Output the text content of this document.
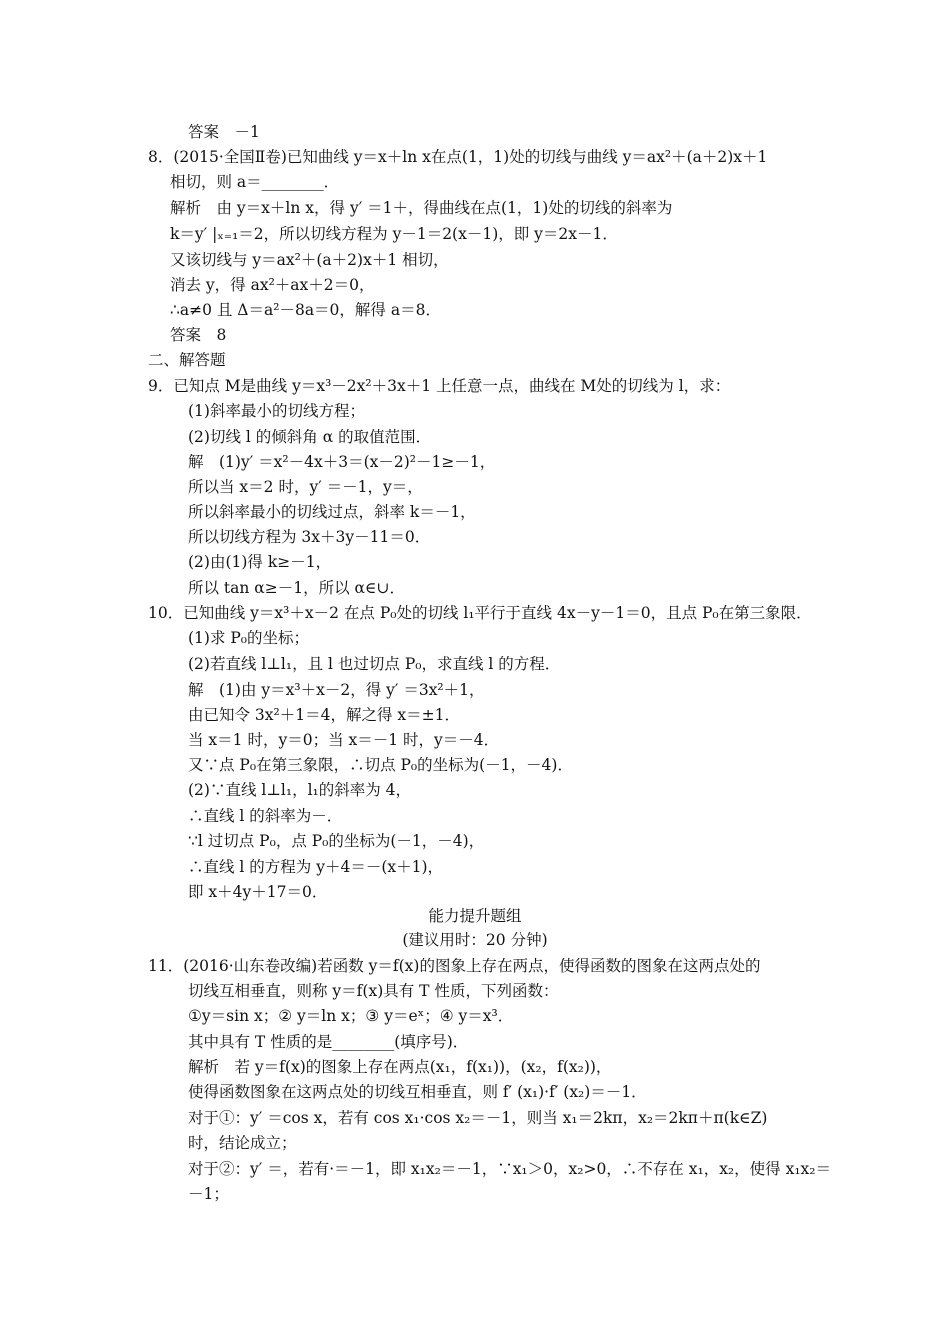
答案　－1
8．(2015·全国Ⅱ卷)已知曲线 y＝x＋ln x在点(1，1)处的切线与曲线 y＝ax²＋(a＋2)x＋1
相切，则 a＝________．
解析　由 y＝x＋ln x，得 y′ ＝1＋，得曲线在点(1，1)处的切线的斜率为
k＝y′ |ₓ₌₁＝2，所以切线方程为 y－1＝2(x－1)，即 y＝2x－1．
又该切线与 y＝ax²＋(a＋2)x＋1 相切，
消去 y，得 ax²＋ax＋2＝0，
∴a≠0 且 Δ＝a²－8a＝0，解得 a＝8．
答案　8
二、解答题
9．已知点 M是曲线 y＝x³－2x²＋3x＋1 上任意一点，曲线在 M处的切线为 l，求：
(1)斜率最小的切线方程；
(2)切线 l 的倾斜角 α 的取值范围．
解　(1)y′ ＝x²－4x＋3＝(x－2)²－1≥－1，
所以当 x＝2 时，y′ ＝－1，y＝，
所以斜率最小的切线过点，斜率 k＝－1，
所以切线方程为 3x＋3y－11＝0．
(2)由(1)得 k≥－1，
所以 tan α≥－1，所以 α∈∪．
10．已知曲线 y＝x³＋x－2 在点 P₀处的切线 l₁平行于直线 4x－y－1＝0，且点 P₀在第三象限．
(1)求 P₀的坐标；
(2)若直线 l⊥l₁，且 l 也过切点 P₀，求直线 l 的方程．
解　(1)由 y＝x³＋x－2，得 y′ ＝3x²＋1，
由已知令 3x²＋1＝4，解之得 x＝±1．
当 x＝1 时，y＝0；当 x＝－1 时，y＝－4．
又∵点 P₀在第三象限，∴切点 P₀的坐标为(－1，－4)．
(2)∵直线 l⊥l₁，l₁的斜率为 4，
∴直线 l 的斜率为－．
∵l 过切点 P₀，点 P₀的坐标为(－1，－4)，
∴直线 l 的方程为 y＋4＝－(x＋1)，
即 x＋4y＋17＝0．
能力提升题组
(建议用时：20 分钟)
11．(2016·山东卷改编)若函数 y＝f(x)的图象上存在两点，使得函数的图象在这两点处的
切线互相垂直，则称 y＝f(x)具有 T 性质，下列函数：
①y＝sin x；② y＝ln x；③ y＝eˣ；④ y＝x³．
其中具有 T 性质的是________(填序号)．
解析　若 y＝f(x)的图象上存在两点(x₁，f(x₁))，(x₂，f(x₂))，
使得函数图象在这两点处的切线互相垂直，则 f′ (x₁)·f′ (x₂)＝－1．
对于①：y′ ＝cos x，若有 cos x₁·cos x₂＝－1，则当 x₁＝2kπ，x₂＝2kπ＋π(k∈Z)
时，结论成立；
对于②：y′ ＝，若有·＝－1，即 x₁x₂＝－1，∵x₁＞0，x₂>0，∴不存在 x₁，x₂，使得 x₁x₂＝
－1；
